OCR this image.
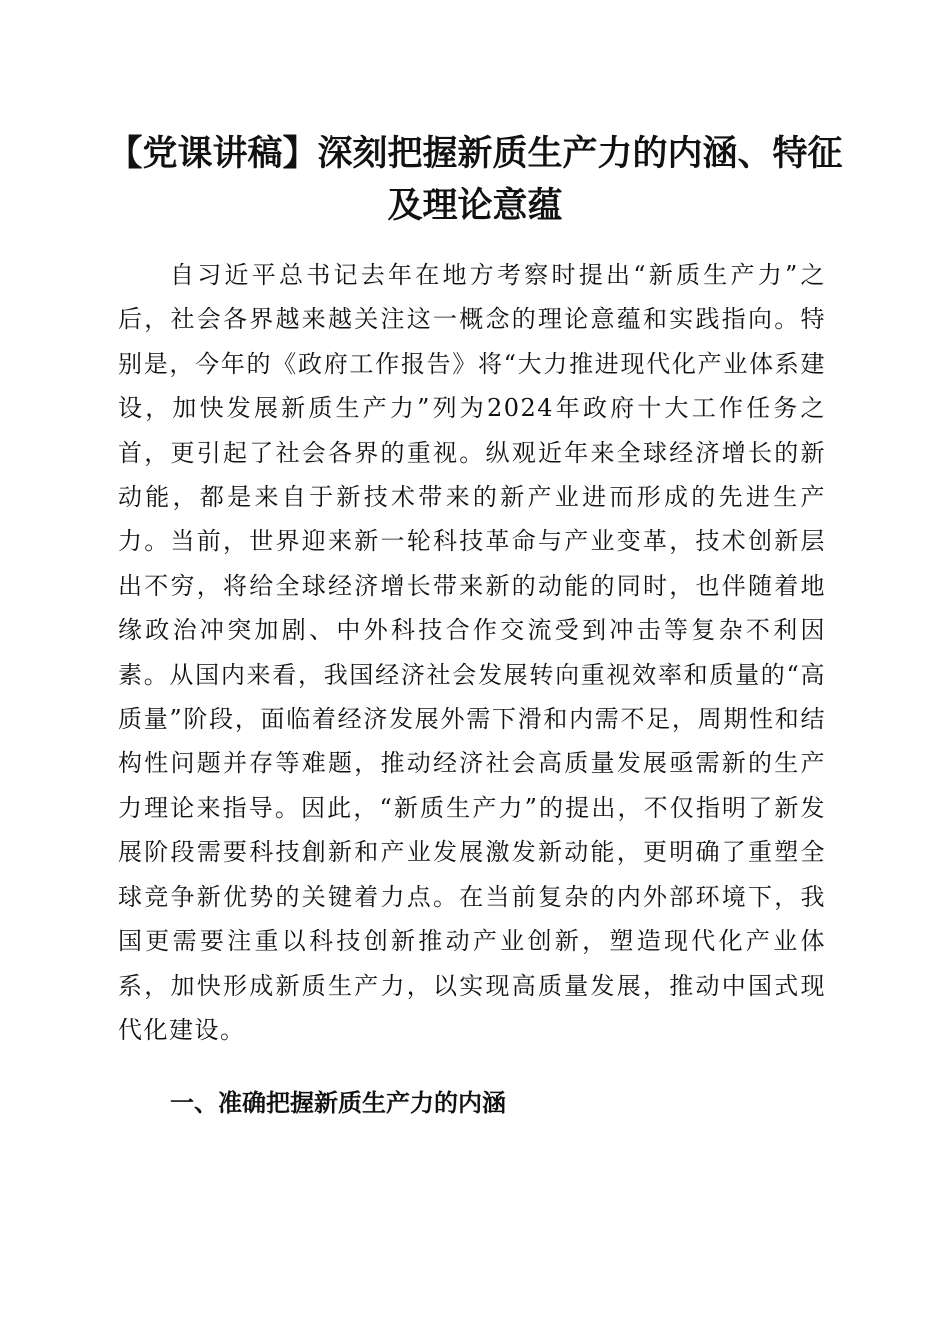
【党课讲稿】深刻把握新质生产力的内涵、特征及理论意蕴

自习近平总书记去年在地方考察时提出“新质生产力”之后，社会各界越来越关注这一概念的理论意蕴和实践指向。特别是，今年的《政府工作报告》将“大力推进现代化产业体系建设，加快发展新质生产力”列为2024年政府十大工作任务之首，更引起了社会各界的重视。纵观近年来全球经济增长的新动能，都是来自于新技术带来的新产业进而形成的先进生产力。当前，世界迎来新一轮科技革命与产业变革，技术创新层出不穷，将给全球经济增长带来新的动能的同时，也伴随着地缘政治冲突加剧、中外科技合作交流受到冲击等复杂不利因素。从国内来看，我国经济社会发展转向重视效率和质量的“高质量”阶段，面临着经济发展外需下滑和内需不足，周期性和结构性问题并存等难题，推动经济社会高质量发展亟需新的生产力理论来指导。因此，“新质生产力”的提出，不仅指明了新发展阶段需要科技創新和产业发展激发新动能，更明确了重塑全球竞争新优势的关键着力点。在当前复杂的内外部环境下，我国更需要注重以科技创新推动产业创新，塑造现代化产业体系，加快形成新质生产力，以实现高质量发展，推动中国式现代化建设。

一、准确把握新质生产力的内涵
